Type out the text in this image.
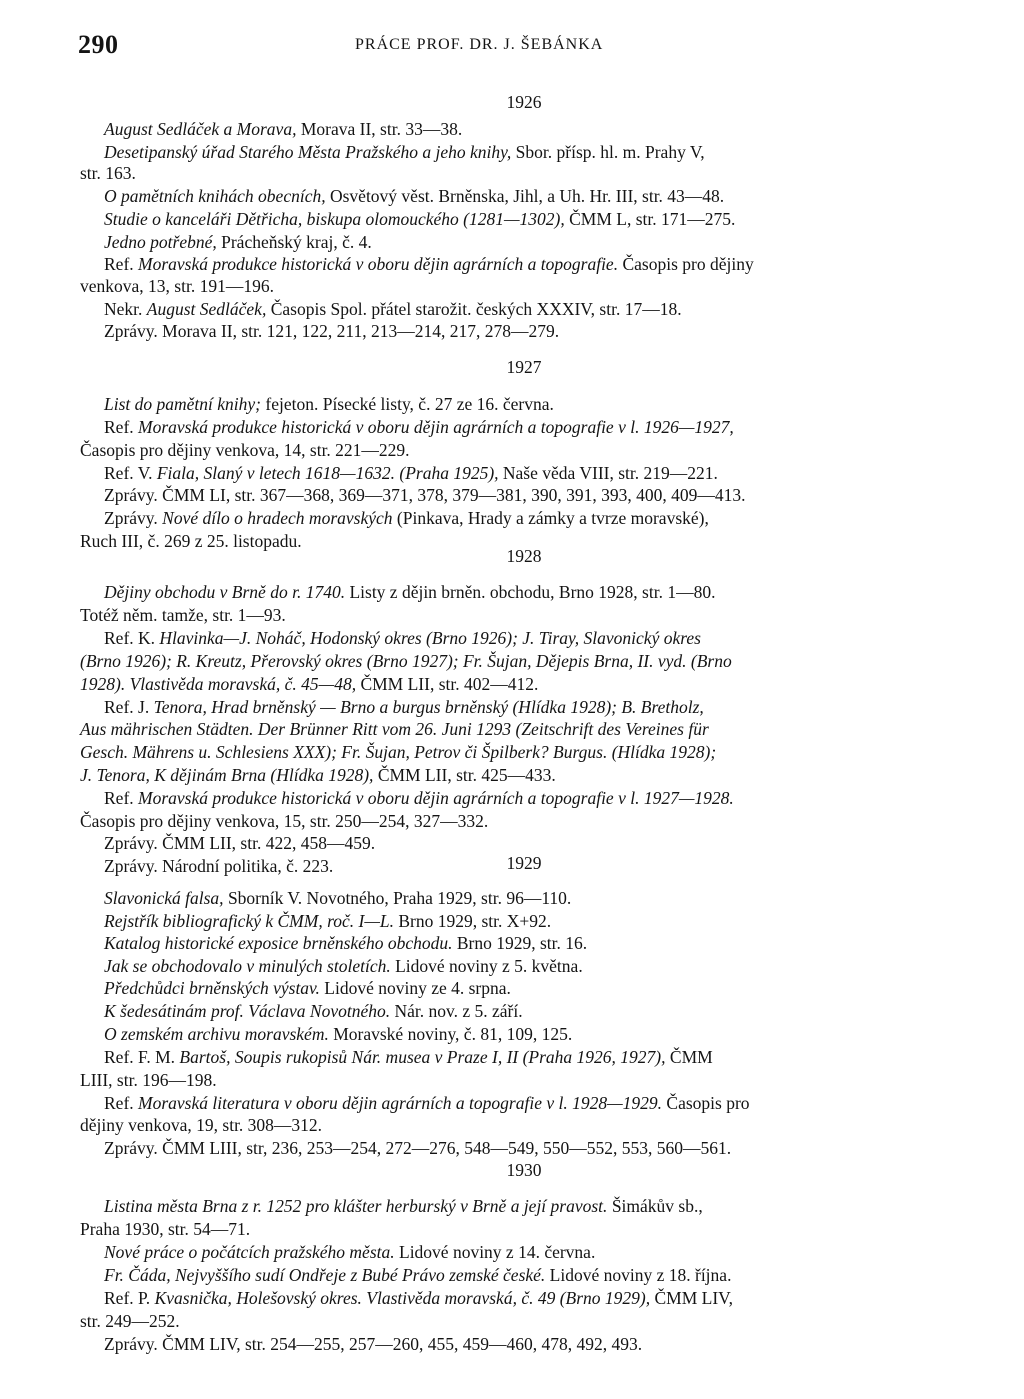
290	PRÁCE PROF. DR. J. ŠEBÁNKA
1926
August Sedláček a Morava, Morava II, str. 33—38.
Desetipanský úřad Starého Města Pražského a jeho knihy, Sbor. přísp. hl. m. Prahy V,
str. 163.
O pamětních knihách obecních, Osvětový věst. Brněnska, Jihl, a Uh. Hr. III, str. 43—48.
Studie o kanceláři Dětřicha, biskupa olomouckého (1281—1302), ČMM L, str. 171—275.
Jedno potřebné, Prácheňský kraj, č. 4.
Ref. Moravská produkce historická v oboru dějin agrárních a topografie. Časopis pro dějiny
venkova, 13, str. 191—196.
Nekr. August Sedláček, Časopis Spol. přátel starožit. českých XXXIV, str. 17—18.
Zprávy. Morava II, str. 121, 122, 211, 213—214, 217, 278—279.
1927
List do pamětní knihy; fejeton. Písecké listy, č. 27 ze 16. června.
Ref. Moravská produkce historická v oboru dějin agrárních a topografie v l. 1926—1927,
Časopis pro dějiny venkova, 14, str. 221—229.
Ref. V. Fiala, Slaný v letech 1618—1632. (Praha 1925), Naše věda VIII, str. 219—221.
Zprávy. ČMM LI, str. 367—368, 369—371, 378, 379—381, 390, 391, 393, 400, 409—413.
Zprávy. Nové dílo o hradech moravských (Pinkava, Hrady a zámky a tvrze moravské),
Ruch III, č. 269 z 25. listopadu.
1928
Dějiny obchodu v Brně do r. 1740. Listy z dějin brněn. obchodu, Brno 1928, str. 1—80.
Totéž něm. tamže, str. 1—93.
Ref. K. Hlavinka—J. Noháč, Hodonský okres (Brno 1926); J. Tiray, Slavonický okres
(Brno 1926); R. Kreutz, Přerovský okres (Brno 1927); Fr. Šujan, Dějepis Brna, II. vyd. (Brno
1928). Vlastivěda moravská, č. 45—48, ČMM LII, str. 402—412.
Ref. J. Tenora, Hrad brněnský — Brno a burgus brněnský (Hlídka 1928); B. Bretholz,
Aus mährischen Städten. Der Brünner Ritt vom 26. Juni 1293 (Zeitschrift des Vereines für
Gesch. Mährens u. Schlesiens XXX); Fr. Šujan, Petrov či Špilberk? Burgus. (Hlídka 1928);
J. Tenora, K dějinám Brna (Hlídka 1928), ČMM LII, str. 425—433.
Ref. Moravská produkce historická v oboru dějin agrárních a topografie v l. 1927—1928.
Časopis pro dějiny venkova, 15, str. 250—254, 327—332.
Zprávy. ČMM LII, str. 422, 458—459.
Zprávy. Národní politika, č. 223.	1929
Slavonická falsa, Sborník V. Novotného, Praha 1929, str. 96—110.
Rejstřík bibliografický k ČMM, roč. I—L. Brno 1929, str. X+92.
Katalog historické exposice brněnského obchodu. Brno 1929, str. 16.
Jak se obchodovalo v minulých stoletích. Lidové noviny z 5. května.
Předchůdci brněnských výstav. Lidové noviny ze 4. srpna.
K šedesátinám prof. Václava Novotného. Nár. nov. z 5. září.
O zemském archivu moravském. Moravské noviny, č. 81, 109, 125.
Ref. F. M. Bartoš, Soupis rukopisů Nár. musea v Praze I, II (Praha 1926, 1927), ČMM
LIII, str. 196—198.
Ref. Moravská literatura v oboru dějin agrárních a topografie v l. 1928—1929. Časopis pro
dějiny venkova, 19, str. 308—312.
Zprávy. ČMM LIII, str, 236, 253—254, 272—276, 548—549, 550—552, 553, 560—561.
1930
Listina města Brna z r. 1252 pro klášter herburský v Brně a její pravost. Šimákův sb.,
Praha 1930, str. 54—71.
Nové práce o počátcích pražského města. Lidové noviny z 14. června.
Fr. Čáda, Nejvyššího sudí Ondřeje z Bubé Právo zemské české. Lidové noviny z 18. října.
Ref. P. Kvasnička, Holešovský okres. Vlastivěda moravská, č. 49 (Brno 1929), ČMM LIV,
str. 249—252.
Zprávy. ČMM LIV, str. 254—255, 257—260, 455, 459—460, 478, 492, 493.
